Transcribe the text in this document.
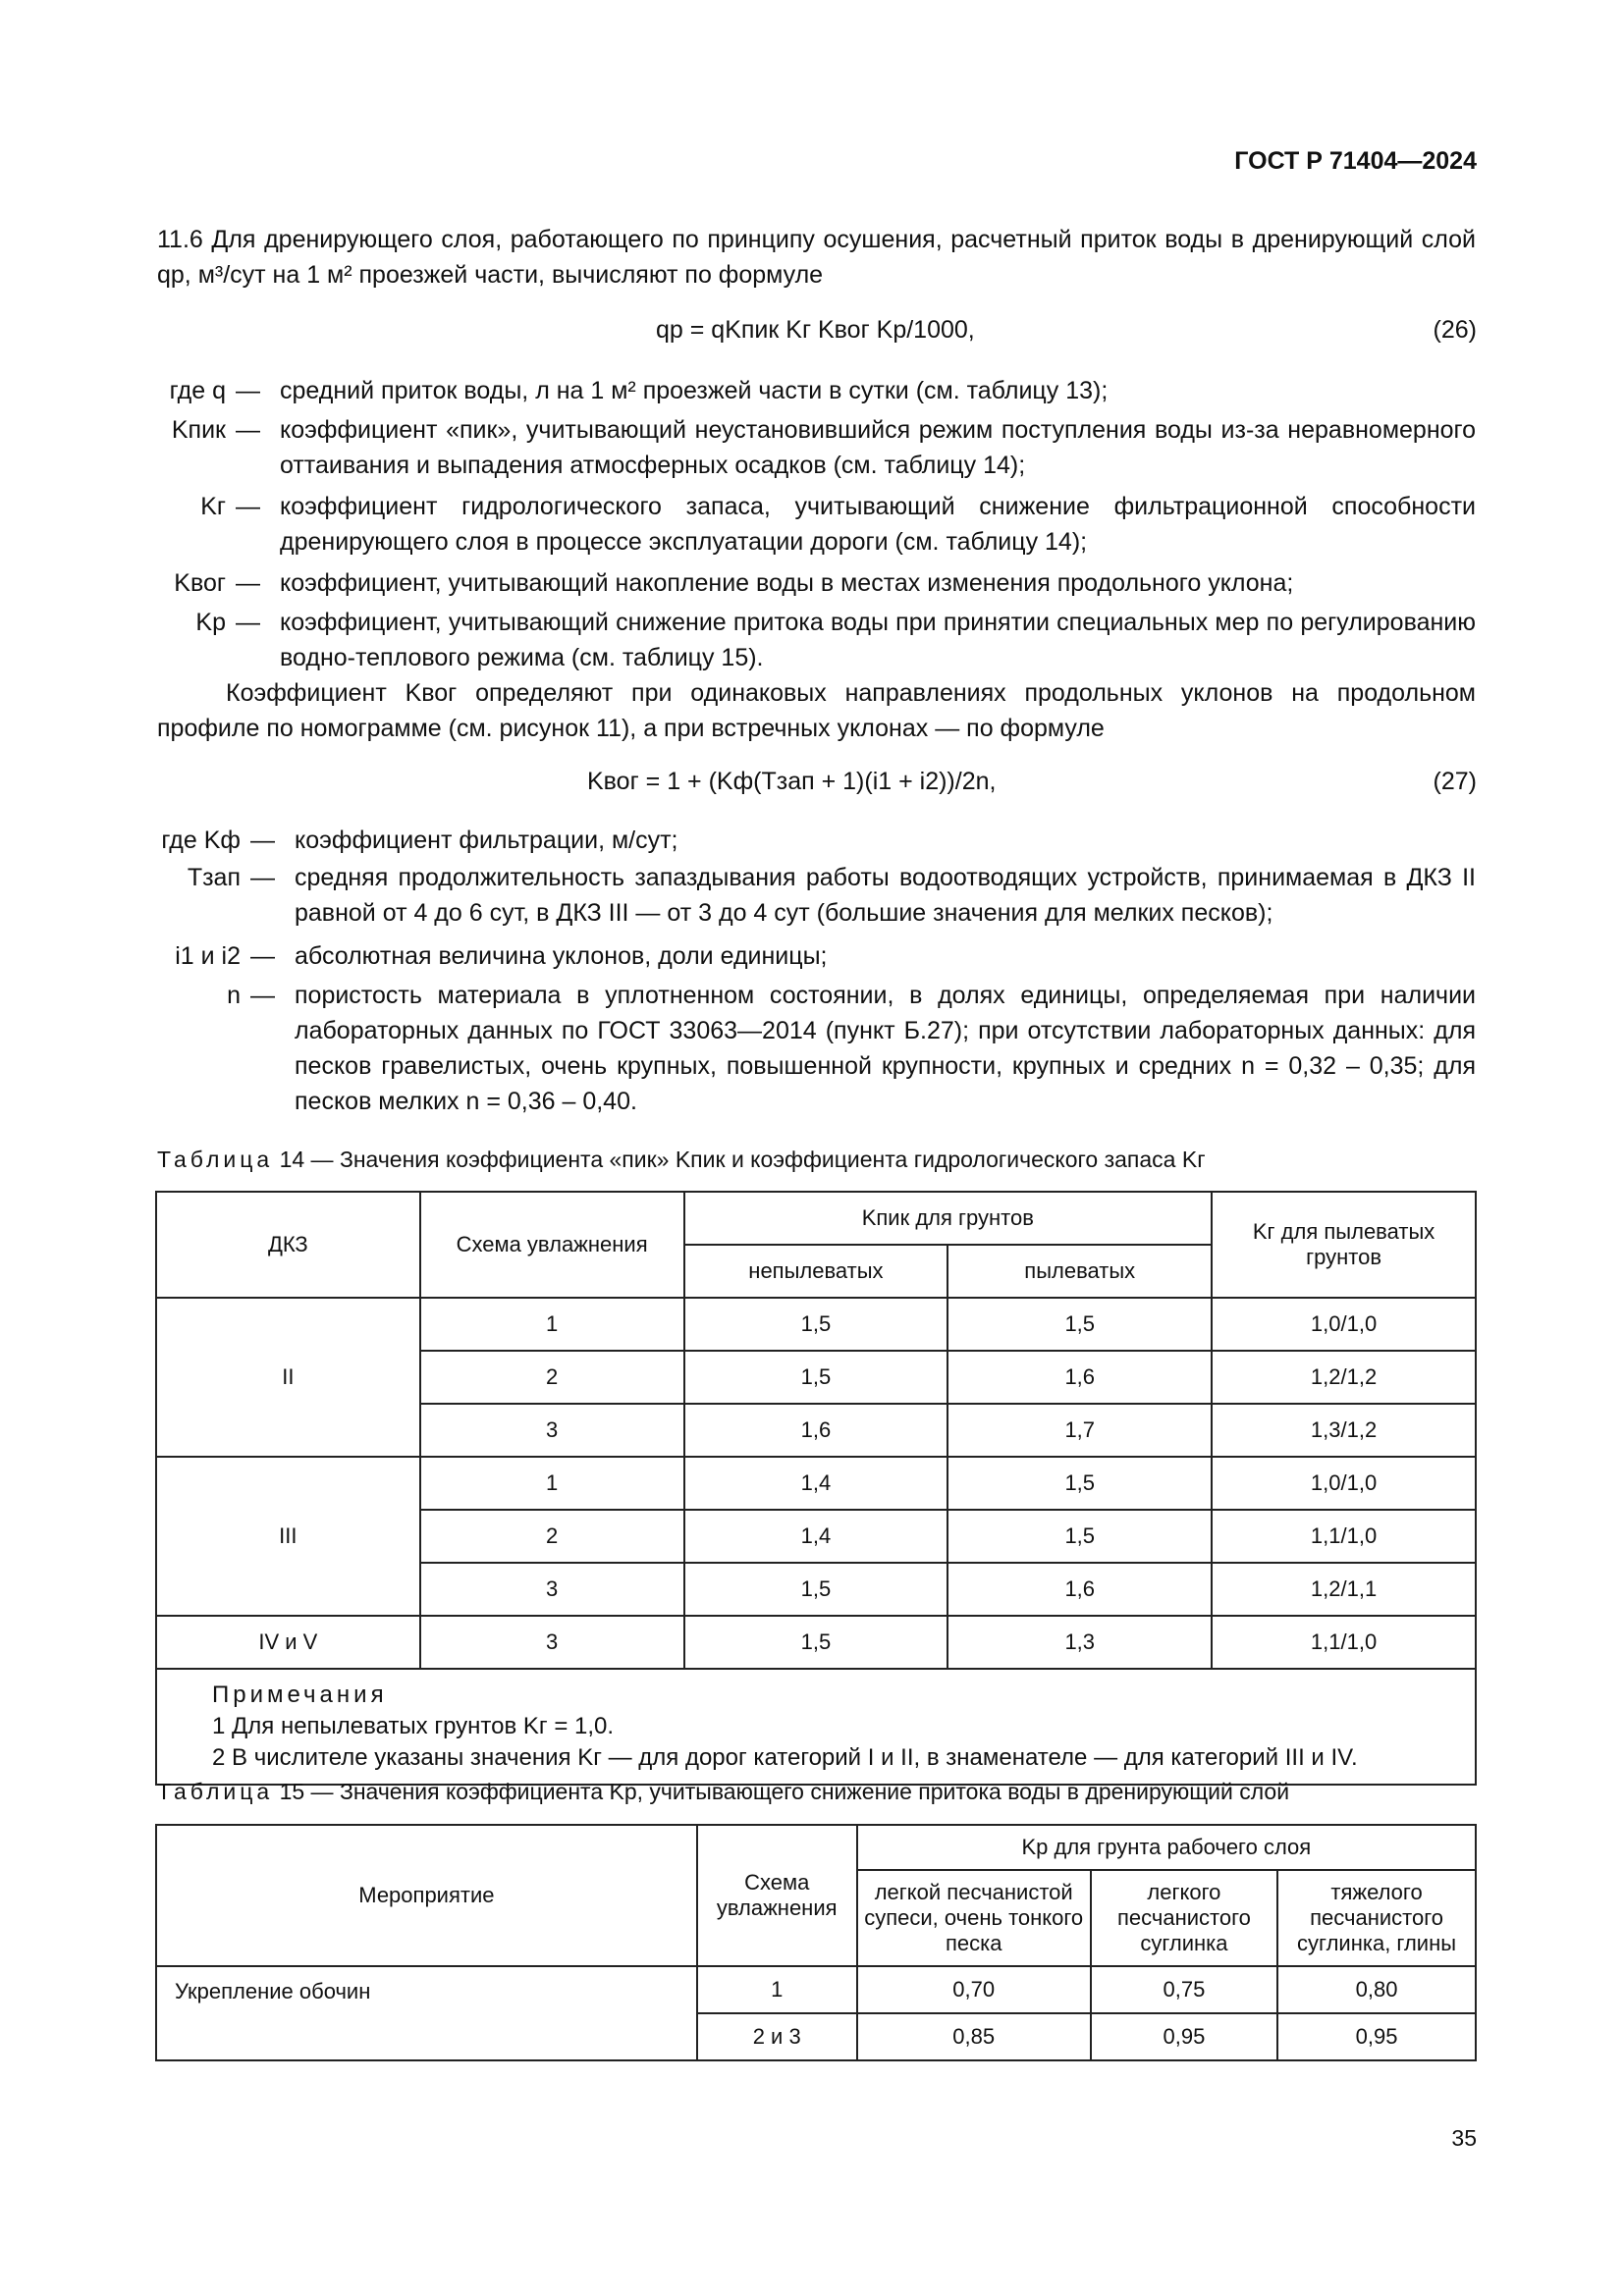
ГОСТ Р 71404—2024
11.6 Для дренирующего слоя, работающего по принципу осушения, расчетный приток воды в дренирующий слой qр, м³/сут на 1 м² проезжей части, вычисляют по формуле
qр = qKпик Kг Kвог Kр/1000,	(26)
где q — средний приток воды, л на 1 м² проезжей части в сутки (см. таблицу 13);
Kпик — коэффициент «пик», учитывающий неустановившийся режим поступления воды из-за неравномерного оттаивания и выпадения атмосферных осадков (см. таблицу 14);
Kг — коэффициент гидрологического запаса, учитывающий снижение фильтрационной способности дренирующего слоя в процессе эксплуатации дороги (см. таблицу 14);
Kвог — коэффициент, учитывающий накопление воды в местах изменения продольного уклона;
Kр — коэффициент, учитывающий снижение притока воды при принятии специальных мер по регулированию водно-теплового режима (см. таблицу 15).
Коэффициент Kвог определяют при одинаковых направлениях продольных уклонов на продольном профиле по номограмме (см. рисунок 11), а при встречных уклонах — по формуле
Kвог = 1 + (Kф(Tзап + 1)(i1 + i2))/2n,	(27)
где Kф — коэффициент фильтрации, м/сут;
Tзап — средняя продолжительность запаздывания работы водоотводящих устройств, принимаемая в ДКЗ II равной от 4 до 6 сут, в ДКЗ III — от 3 до 4 сут (большие значения для мелких песков);
i1 и i2 — абсолютная величина уклонов, доли единицы;
n — пористость материала в уплотненном состоянии, в долях единицы, определяемая при наличии лабораторных данных по ГОСТ 33063—2014 (пункт Б.27); при отсутствии лабораторных данных: для песков гравелистых, очень крупных, повышенной крупности, крупных и средних n = 0,32 – 0,35; для песков мелких n = 0,36 – 0,40.
Таблица 14 — Значения коэффициента «пик» Kпик и коэффициента гидрологического запаса Kг
ДКЗ	Схема увлажнения	Kпик для грунтов		Kг для пылеватых грунтов
		непылеватых	пылеватых	
II	1	1,5	1,5	1,0/1,0
	2	1,5	1,6	1,2/1,2
	3	1,6	1,7	1,3/1,2
III	1	1,4	1,5	1,0/1,0
	2	1,4	1,5	1,1/1,0
	3	1,5	1,6	1,2/1,1
IV и V	3	1,5	1,3	1,1/1,0

Примечания
1 Для непылеватых грунтов Kг = 1,0.
2 В числителе указаны значения Kг — для дорог категорий I и II, в знаменателе — для категорий III и IV.				
Таблица 15 — Значения коэффициента Kр, учитывающего снижение притока воды в дренирующий слой
Мероприятие	Схема увлажнения	Kр для грунта рабочего слоя		
		легкой песчанистой супеси, очень тонкого песка	легкого песчанистого суглинка	тяжелого песчанистого суглинка, глины
Укрепление обочин	1	0,70	0,75	0,80
	2 и 3	0,85	0,95	0,95
35
